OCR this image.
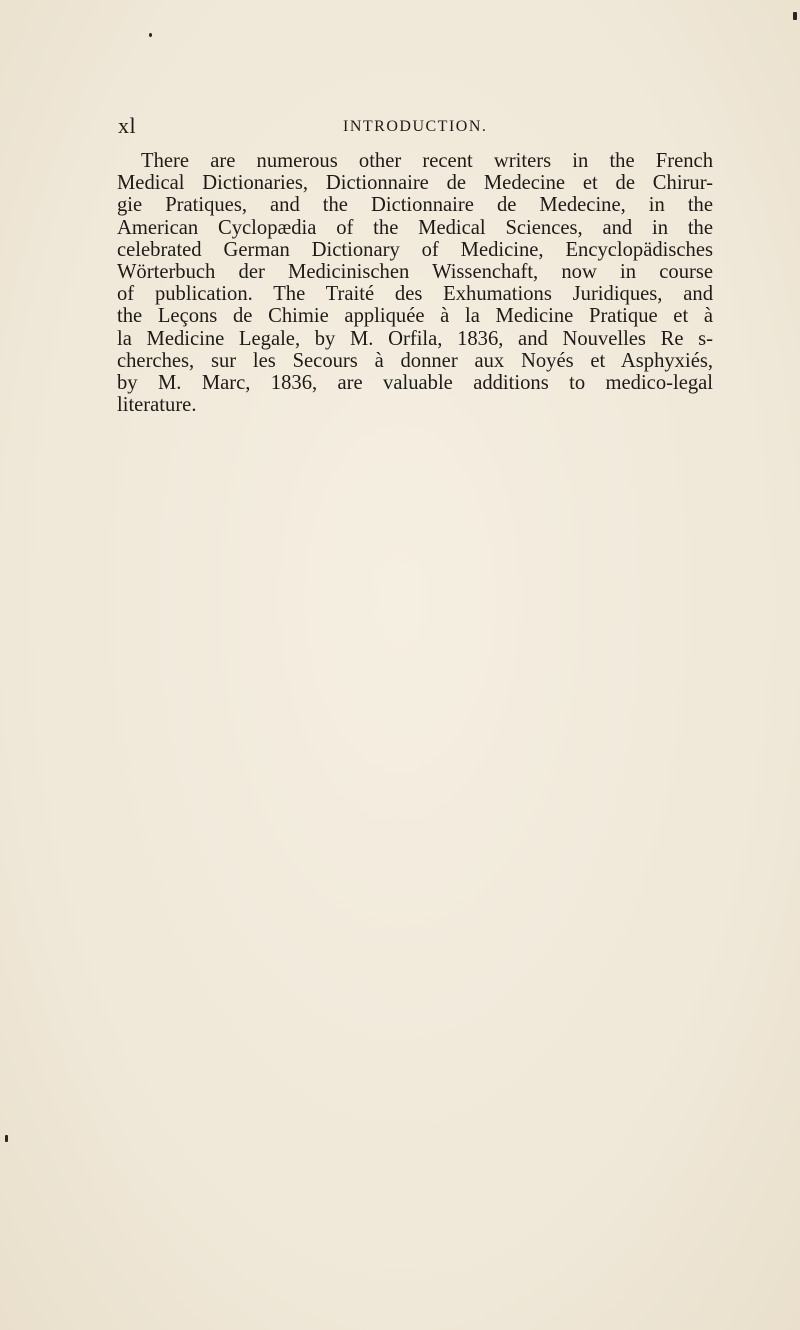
xl	INTRODUCTION.
There are numerous other recent writers in the French
Medical Dictionaries, Dictionnaire de Medecine et de Chirur-
gie Pratiques, and the Dictionnaire de Medecine, in the
American Cyclopædia of the Medical Sciences, and in the
celebrated German Dictionary of Medicine, Encyclopädisches
Wörterbuch der Medicinischen Wissenchaft, now in course
of publication. The Traité des Exhumations Juridiques, and
the Leçons de Chimie appliquée à la Medicine Pratique et à
la Medicine Legale, by M. Orfila, 1836, and Nouvelles Re s-
cherches, sur les Secours à donner aux Noyés et Asphyxiés,
by M. Marc, 1836, are valuable additions to medico-legal
literature.
